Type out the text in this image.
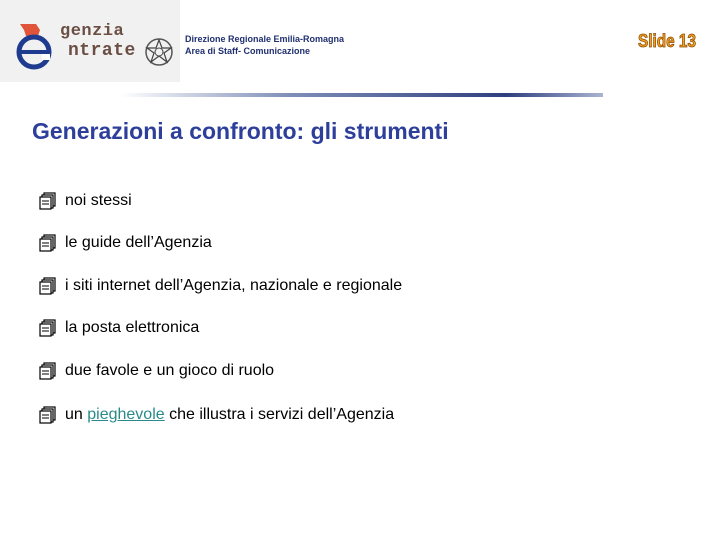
genzia
ntrate
Direzione Regionale Emilia-Romagna
Area di Staff- Comunicazione	Slide 13
Generazioni a confronto: gli strumenti
noi stessi
le guide dell’Agenzia
i siti internet dell’Agenzia, nazionale e regionale
la posta elettronica
due favole e un gioco di ruolo
un pieghevole che illustra i servizi dell’Agenzia
